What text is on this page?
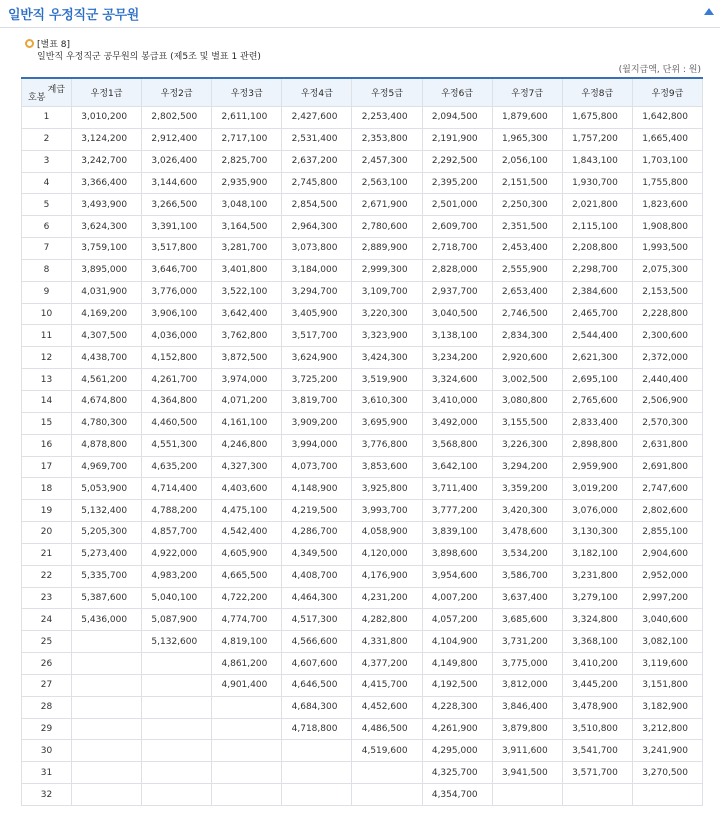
일반직 우정직군 공무원
[별표 8]
일반직 우정직군 공무원의 봉급표 (제5조 및 별표 1 관련)
(월지급액, 단위 : 원)
계급
호봉	우정1급	우정2급	우정3급	우정4급	우정5급	우정6급	우정7급	우정8급	우정9급
1	3,010,200	2,802,500	2,611,100	2,427,600	2,253,400	2,094,500	1,879,600	1,675,800	1,642,800
2	3,124,200	2,912,400	2,717,100	2,531,400	2,353,800	2,191,900	1,965,300	1,757,200	1,665,400
3	3,242,700	3,026,400	2,825,700	2,637,200	2,457,300	2,292,500	2,056,100	1,843,100	1,703,100
4	3,366,400	3,144,600	2,935,900	2,745,800	2,563,100	2,395,200	2,151,500	1,930,700	1,755,800
5	3,493,900	3,266,500	3,048,100	2,854,500	2,671,900	2,501,000	2,250,300	2,021,800	1,823,600
6	3,624,300	3,391,100	3,164,500	2,964,300	2,780,600	2,609,700	2,351,500	2,115,100	1,908,800
7	3,759,100	3,517,800	3,281,700	3,073,800	2,889,900	2,718,700	2,453,400	2,208,800	1,993,500
8	3,895,000	3,646,700	3,401,800	3,184,000	2,999,300	2,828,000	2,555,900	2,298,700	2,075,300
9	4,031,900	3,776,000	3,522,100	3,294,700	3,109,700	2,937,700	2,653,400	2,384,600	2,153,500
10	4,169,200	3,906,100	3,642,400	3,405,900	3,220,300	3,040,500	2,746,500	2,465,700	2,228,800
11	4,307,500	4,036,000	3,762,800	3,517,700	3,323,900	3,138,100	2,834,300	2,544,400	2,300,600
12	4,438,700	4,152,800	3,872,500	3,624,900	3,424,300	3,234,200	2,920,600	2,621,300	2,372,000
13	4,561,200	4,261,700	3,974,000	3,725,200	3,519,900	3,324,600	3,002,500	2,695,100	2,440,400
14	4,674,800	4,364,800	4,071,200	3,819,700	3,610,300	3,410,000	3,080,800	2,765,600	2,506,900
15	4,780,300	4,460,500	4,161,100	3,909,200	3,695,900	3,492,000	3,155,500	2,833,400	2,570,300
16	4,878,800	4,551,300	4,246,800	3,994,000	3,776,800	3,568,800	3,226,300	2,898,800	2,631,800
17	4,969,700	4,635,200	4,327,300	4,073,700	3,853,600	3,642,100	3,294,200	2,959,900	2,691,800
18	5,053,900	4,714,400	4,403,600	4,148,900	3,925,800	3,711,400	3,359,200	3,019,200	2,747,600
19	5,132,400	4,788,200	4,475,100	4,219,500	3,993,700	3,777,200	3,420,300	3,076,000	2,802,600
20	5,205,300	4,857,700	4,542,400	4,286,700	4,058,900	3,839,100	3,478,600	3,130,300	2,855,100
21	5,273,400	4,922,000	4,605,900	4,349,500	4,120,000	3,898,600	3,534,200	3,182,100	2,904,600
22	5,335,700	4,983,200	4,665,500	4,408,700	4,176,900	3,954,600	3,586,700	3,231,800	2,952,000
23	5,387,600	5,040,100	4,722,200	4,464,300	4,231,200	4,007,200	3,637,400	3,279,100	2,997,200
24	5,436,000	5,087,900	4,774,700	4,517,300	4,282,800	4,057,200	3,685,600	3,324,800	3,040,600
25		5,132,600	4,819,100	4,566,600	4,331,800	4,104,900	3,731,200	3,368,100	3,082,100
26			4,861,200	4,607,600	4,377,200	4,149,800	3,775,000	3,410,200	3,119,600
27			4,901,400	4,646,500	4,415,700	4,192,500	3,812,000	3,445,200	3,151,800
28				4,684,300	4,452,600	4,228,300	3,846,400	3,478,900	3,182,900
29				4,718,800	4,486,500	4,261,900	3,879,800	3,510,800	3,212,800
30					4,519,600	4,295,000	3,911,600	3,541,700	3,241,900
31						4,325,700	3,941,500	3,571,700	3,270,500
32						4,354,700			
